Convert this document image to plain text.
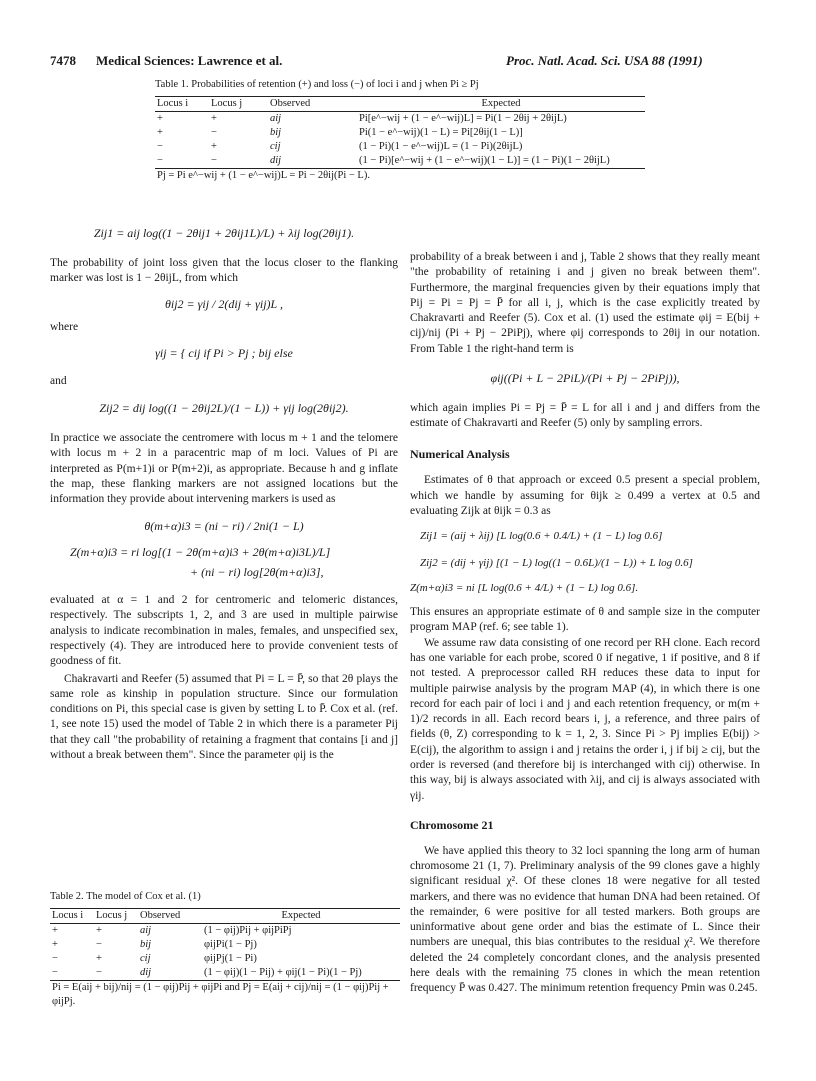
7478 Medical Sciences: Lawrence et al.	Proc. Natl. Acad. Sci. USA 88 (1991)
Table 1. Probabilities of retention (+) and loss (−) of loci i and j when Pi ≥ Pj
Locus i	Locus j	Observed	Expected
+	+	aij	Pi[e^−wij + (1 − e^−wij)L] = Pi(1 − 2θij + 2θijL)
+	−	bij	Pi(1 − e^−wij)(1 − L) = Pi[2θij(1 − L)]
−	+	cij	(1 − Pi)(1 − e^−wij)L = (1 − Pi)(2θijL)
−	−	dij	(1 − Pi)[e^−wij + (1 − e^−wij)(1 − L)] = (1 − Pi)(1 − 2θijL)
Pj = Pi e^−wij + (1 − e^−wij)L = Pi − 2θij(Pi − L).			
Zij1 = aij log((1 − 2θij1 + 2θij1L)/L) + λij log(2θij1).

The probability of joint loss given that the locus closer to the flanking marker was lost is 1 − 2θijL, from which

θij2 = γij / 2(dij + γij)L ,

where

γij = { cij if Pi > Pj ; bij else

and

Zij2 = dij log((1 − 2θij2L)/(1 − L)) + γij log(2θij2).

In practice we associate the centromere with locus m + 1 and the telomere with locus m + 2 in a paracentric map of m loci. Values of Pi are interpreted as P(m+1)i or P(m+2)i, as appropriate. Because h and g inflate the map, these flanking markers are not assigned locations but the information they provide about intervening markers is used as

θ(m+α)i3 = (ni − ri) / 2ni(1 − L)
Z(m+α)i3 = ri log[(1 − 2θ(m+α)i3 + 2θ(m+α)i3L)/L]
+ (ni − ri) log[2θ(m+α)i3],

evaluated at α = 1 and 2 for centromeric and telomeric distances, respectively. The subscripts 1, 2, and 3 are used in multiple pairwise analysis to indicate recombination in males, females, and unspecified sex, respectively (4). They are introduced here to provide convenient tests of goodness of fit.

Chakravarti and Reefer (5) assumed that Pi = L = P̄, so that 2θ plays the same role as kinship in population structure. Since our formulation conditions on Pi, this special case is given by setting L to P̄. Cox et al. (ref. 1, see note 15) used the model of Table 2 in which there is a parameter Pij that they call "the probability of retaining a fragment that contains [i and j] without a break between them". Since the parameter φij is the

Table 2. The model of Cox et al. (1)
Locus i	Locus j	Observed	Expected
+	+	aij	(1 − φij)Pij + φijPiPj
+	−	bij	φijPi(1 − Pj)
−	+	cij	φijPj(1 − Pi)
−	−	dij	(1 − φij)(1 − Pij) + φij(1 − Pi)(1 − Pj)
Pi = E(aij + bij)/nij = (1 − φij)Pij + φijPi and Pj = E(aij + cij)/nij = (1 − φij)Pij + φijPj.			

probability of a break between i and j, Table 2 shows that they really meant "the probability of retaining i and j given no break between them". Furthermore, the marginal frequencies given by their equations imply that Pij = Pi = Pj = P̄ for all i, j, which is the case explicitly treated by Chakravarti and Reefer (5). Cox et al. (1) used the estimate φij = E(bij + cij)/nij (Pi + Pj − 2PiPj), where φij corresponds to 2θij in our notation. From Table 1 the right-hand term is

φij((Pi + L − 2PiL)/(Pi + Pj − 2PiPj)),

which again implies Pi = Pj = P̄ = L for all i and j and differs from the estimate of Chakravarti and Reefer (5) only by sampling errors.

Numerical Analysis

Estimates of θ that approach or exceed 0.5 present a special problem, which we handle by assuming for θijk ≥ 0.499 a vertex at 0.5 and evaluating Zijk at θijk = 0.3 as

Zij1 = (aij + λij) [L log(0.6 + 0.4/L) + (1 − L) log 0.6]
Zij2 = (dij + γij) [(1 − L) log((1 − 0.6L)/(1 − L)) + L log 0.6]
Z(m+α)i3 = ni [L log(0.6 + 4/L) + (1 − L) log 0.6].

This ensures an appropriate estimate of θ and sample size in the computer program MAP (ref. 6; see table 1).

We assume raw data consisting of one record per RH clone. Each record has one variable for each probe, scored 0 if negative, 1 if positive, and 8 if not tested. A preprocessor called RH reduces these data to input for multiple pairwise analysis by the program MAP (4), in which there is one record for each pair of loci i and j and each retention frequency, or m(m + 1)/2 records in all. Each record bears i, j, a reference, and three pairs of fields (θ, Z) corresponding to k = 1, 2, 3. Since Pi > Pj implies E(bij) > E(cij), the algorithm to assign i and j retains the order i, j if bij ≥ cij, but the order is reversed (and therefore bij is interchanged with cij) otherwise. In this way, bij is always associated with λij, and cij is always associated with γij.

Chromosome 21

We have applied this theory to 32 loci spanning the long arm of human chromosome 21 (1, 7). Preliminary analysis of the 99 clones gave a highly significant residual χ². Of these clones 18 were negative for all tested markers, and there was no evidence that human DNA had been retained. Of the remainder, 6 were positive for all tested markers. Both groups are uninformative about gene order and bias the estimate of L. Since their numbers are unequal, this bias contributes to the residual χ². We therefore deleted the 24 completely concordant clones, and the analysis presented here deals with the remaining 75 clones in which the mean retention frequency P̄ was 0.427. The minimum retention frequency Pmin was 0.245.
